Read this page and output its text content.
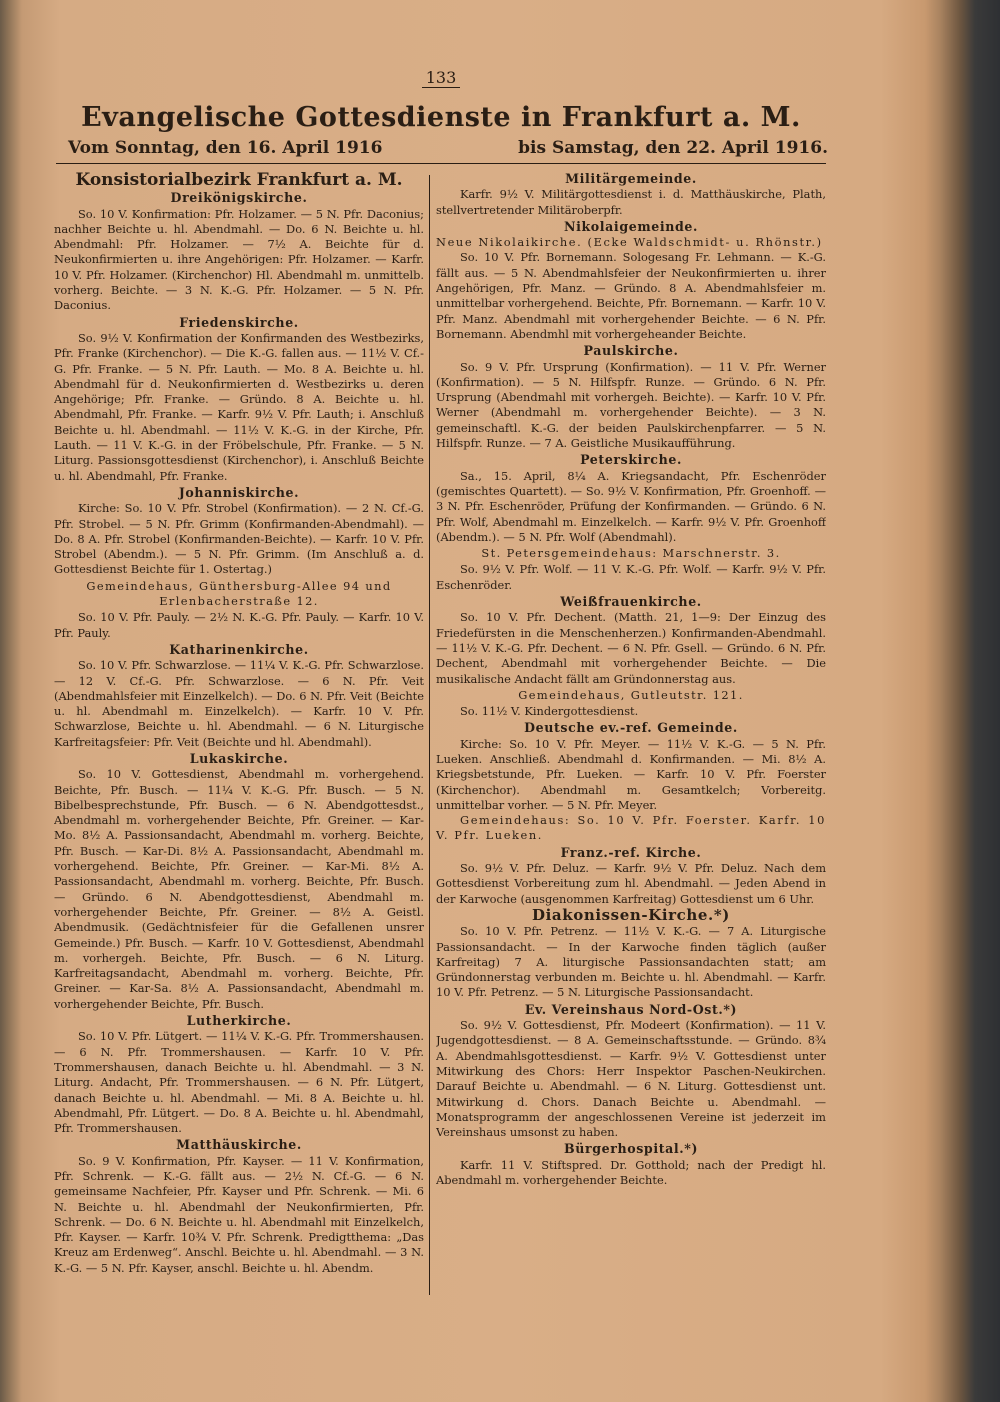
133
Evangelische Gottesdienste in Frankfurt a. M.
Vom Sonntag, den 16. April 1916	bis Samstag, den 22. April 1916.
Konsistorialbezirk Frankfurt a. M.
Dreikönigskirche.

So. 10 V. Konfirmation: Pfr. Holzamer. — 5 N. Pfr. Daconius; nachher Beichte u. hl. Abendmahl. — Do. 6 N. Beichte u. hl. Abendmahl: Pfr. Holzamer. — 7½ A. Beichte für d. Neukonfirmierten u. ihre Angehörigen: Pfr. Holzamer. — Karfr. 10 V. Pfr. Holzamer. (Kirchenchor) Hl. Abendmahl m. unmittelb. vorherg. Beichte. — 3 N. K.-G. Pfr. Holzamer. — 5 N. Pfr. Daconius.

Friedenskirche.

So. 9½ V. Konfirmation der Konfirmanden des Westbezirks, Pfr. Franke (Kirchenchor). — Die K.-G. fallen aus. — 11½ V. Cf.-G. Pfr. Franke. — 5 N. Pfr. Lauth. — Mo. 8 A. Beichte u. hl. Abendmahl für d. Neukonfirmierten d. Westbezirks u. deren Angehörige; Pfr. Franke. — Gründo. 8 A. Beichte u. hl. Abendmahl, Pfr. Franke. — Karfr. 9½ V. Pfr. Lauth; i. Anschluß Beichte u. hl. Abendmahl. — 11½ V. K.-G. in der Kirche, Pfr. Lauth. — 11 V. K.-G. in der Fröbelschule, Pfr. Franke. — 5 N. Liturg. Passionsgottesdienst (Kirchenchor), i. Anschluß Beichte u. hl. Abendmahl, Pfr. Franke.

Johanniskirche.

Kirche: So. 10 V. Pfr. Strobel (Konfirmation). — 2 N. Cf.-G. Pfr. Strobel. — 5 N. Pfr. Grimm (Konfirmanden-Abendmahl). — Do. 8 A. Pfr. Strobel (Konfirmanden-Beichte). — Karfr. 10 V. Pfr. Strobel (Abendm.). — 5 N. Pfr. Grimm. (Im Anschluß a. d. Gottesdienst Beichte für 1. Ostertag.)

Gemeindehaus, Günthersburg-Allee 94 und Erlenbacherstraße 12.

So. 10 V. Pfr. Pauly. — 2½ N. K.-G. Pfr. Pauly. — Karfr. 10 V. Pfr. Pauly.

Katharinenkirche.

So. 10 V. Pfr. Schwarzlose. — 11¼ V. K.-G. Pfr. Schwarzlose. — 12 V. Cf.-G. Pfr. Schwarzlose. — 6 N. Pfr. Veit (Abendmahlsfeier mit Einzelkelch). — Do. 6 N. Pfr. Veit (Beichte u. hl. Abendmahl m. Einzelkelch). — Karfr. 10 V. Pfr. Schwarzlose, Beichte u. hl. Abendmahl. — 6 N. Liturgische Karfreitagsfeier: Pfr. Veit (Beichte und hl. Abendmahl).

Lukaskirche.

So. 10 V. Gottesdienst, Abendmahl m. vorhergehend. Beichte, Pfr. Busch. — 11¼ V. K.-G. Pfr. Busch. — 5 N. Bibelbesprechstunde, Pfr. Busch. — 6 N. Abendgottesdst., Abendmahl m. vorhergehender Beichte, Pfr. Greiner. — Kar-Mo. 8½ A. Passionsandacht, Abendmahl m. vorherg. Beichte, Pfr. Busch. — Kar-Di. 8½ A. Passionsandacht, Abendmahl m. vorhergehend. Beichte, Pfr. Greiner. — Kar-Mi. 8½ A. Passionsandacht, Abendmahl m. vorherg. Beichte, Pfr. Busch. — Gründo. 6 N. Abendgottesdienst, Abendmahl m. vorhergehender Beichte, Pfr. Greiner. — 8½ A. Geistl. Abendmusik. (Gedächtnisfeier für die Gefallenen unsrer Gemeinde.) Pfr. Busch. — Karfr. 10 V. Gottesdienst, Abendmahl m. vorhergeh. Beichte, Pfr. Busch. — 6 N. Liturg. Karfreitagsandacht, Abendmahl m. vorherg. Beichte, Pfr. Greiner. — Kar-Sa. 8½ A. Passionsandacht, Abendmahl m. vorhergehender Beichte, Pfr. Busch.

Lutherkirche.

So. 10 V. Pfr. Lütgert. — 11¼ V. K.-G. Pfr. Trommershausen. — 6 N. Pfr. Trommershausen. — Karfr. 10 V. Pfr. Trommershausen, danach Beichte u. hl. Abendmahl. — 3 N. Liturg. Andacht, Pfr. Trommershausen. — 6 N. Pfr. Lütgert, danach Beichte u. hl. Abendmahl. — Mi. 8 A. Beichte u. hl. Abendmahl, Pfr. Lütgert. — Do. 8 A. Beichte u. hl. Abendmahl, Pfr. Trommershausen.

Matthäuskirche.

So. 9 V. Konfirmation, Pfr. Kayser. — 11 V. Konfirmation, Pfr. Schrenk. — K.-G. fällt aus. — 2½ N. Cf.-G. — 6 N. gemeinsame Nachfeier, Pfr. Kayser und Pfr. Schrenk. — Mi. 6 N. Beichte u. hl. Abendmahl der Neukonfirmierten, Pfr. Schrenk. — Do. 6 N. Beichte u. hl. Abendmahl mit Einzelkelch, Pfr. Kayser. — Karfr. 10¾ V. Pfr. Schrenk. Predigtthema: „Das Kreuz am Erdenweg“. Anschl. Beichte u. hl. Abendmahl. — 3 N. K.-G. — 5 N. Pfr. Kayser, anschl. Beichte u. hl. Abendm.

Militärgemeinde.

Karfr. 9½ V. Militärgottesdienst i. d. Matthäuskirche, Plath, stellvertretender Militäroberpfr.

Nikolaigemeinde.
Neue Nikolaikirche. (Ecke Waldschmidt- u. Rhönstr.)

So. 10 V. Pfr. Bornemann. Sologesang Fr. Lehmann. — K.-G. fällt aus. — 5 N. Abendmahlsfeier der Neukonfirmierten u. ihrer Angehörigen, Pfr. Manz. — Gründo. 8 A. Abendmahlsfeier m. unmittelbar vorhergehend. Beichte, Pfr. Bornemann. — Karfr. 10 V. Pfr. Manz. Abendmahl mit vorhergehender Beichte. — 6 N. Pfr. Bornemann. Abendmhl mit vorhergeheander Beichte.

Paulskirche.

So. 9 V. Pfr. Ursprung (Konfirmation). — 11 V. Pfr. Werner (Konfirmation). — 5 N. Hilfspfr. Runze. — Gründo. 6 N. Pfr. Ursprung (Abendmahl mit vorhergeh. Beichte). — Karfr. 10 V. Pfr. Werner (Abendmahl m. vorhergehender Beichte). — 3 N. gemeinschaftl. K.-G. der beiden Paulskirchenpfarrer. — 5 N. Hilfspfr. Runze. — 7 A. Geistliche Musikaufführung.

Peterskirche.

Sa., 15. April, 8¼ A. Kriegsandacht, Pfr. Eschenröder (gemischtes Quartett). — So. 9½ V. Konfirmation, Pfr. Groenhoff. — 3 N. Pfr. Eschenröder, Prüfung der Konfirmanden. — Gründo. 6 N. Pfr. Wolf, Abendmahl m. Einzelkelch. — Karfr. 9½ V. Pfr. Groenhoff (Abendm.). — 5 N. Pfr. Wolf (Abendmahl).

St. Petersgemeindehaus: Marschnerstr. 3.

So. 9½ V. Pfr. Wolf. — 11 V. K.-G. Pfr. Wolf. — Karfr. 9½ V. Pfr. Eschenröder.

Weißfrauenkirche.

So. 10 V. Pfr. Dechent. (Matth. 21, 1—9: Der Einzug des Friedefürsten in die Menschenherzen.) Konfirmanden-Abendmahl. — 11½ V. K.-G. Pfr. Dechent. — 6 N. Pfr. Gsell. — Gründo. 6 N. Pfr. Dechent, Abendmahl mit vorhergehender Beichte. — Die musikalische Andacht fällt am Gründonnerstag aus.

Gemeindehaus, Gutleutstr. 121.

So. 11½ V. Kindergottesdienst.

Deutsche ev.-ref. Gemeinde.

Kirche: So. 10 V. Pfr. Meyer. — 11½ V. K.-G. — 5 N. Pfr. Lueken. Anschließ. Abendmahl d. Konfirmanden. — Mi. 8½ A. Kriegsbetstunde, Pfr. Lueken. — Karfr. 10 V. Pfr. Foerster (Kirchenchor). Abendmahl m. Gesamtkelch; Vorbereitg. unmittelbar vorher. — 5 N. Pfr. Meyer.

Gemeindehaus: So. 10 V. Pfr. Foerster. Karfr. 10 V. Pfr. Lueken.

Franz.-ref. Kirche.

So. 9½ V. Pfr. Deluz. — Karfr. 9½ V. Pfr. Deluz. Nach dem Gottesdienst Vorbereitung zum hl. Abendmahl. — Jeden Abend in der Karwoche (ausgenommen Karfreitag) Gottesdienst um 6 Uhr.

Diakonissen-Kirche.*)

So. 10 V. Pfr. Petrenz. — 11½ V. K.-G. — 7 A. Liturgische Passionsandacht. — In der Karwoche finden täglich (außer Karfreitag) 7 A. liturgische Passionsandachten statt; am Gründonnerstag verbunden m. Beichte u. hl. Abendmahl. — Karfr. 10 V. Pfr. Petrenz. — 5 N. Liturgische Passionsandacht.

Ev. Vereinshaus Nord-Ost.*)

So. 9½ V. Gottesdienst, Pfr. Modeert (Konfirmation). — 11 V. Jugendgottesdienst. — 8 A. Gemeinschaftsstunde. — Gründo. 8¾ A. Abendmahlsgottesdienst. — Karfr. 9½ V. Gottesdienst unter Mitwirkung des Chors: Herr Inspektor Paschen-Neukirchen. Darauf Beichte u. Abendmahl. — 6 N. Liturg. Gottesdienst unt. Mitwirkung d. Chors. Danach Beichte u. Abendmahl. — Monatsprogramm der angeschlossenen Vereine ist jederzeit im Vereinshaus umsonst zu haben.

Bürgerhospital.*)

Karfr. 11 V. Stiftspred. Dr. Gotthold; nach der Predigt hl. Abendmahl m. vorhergehender Beichte.
